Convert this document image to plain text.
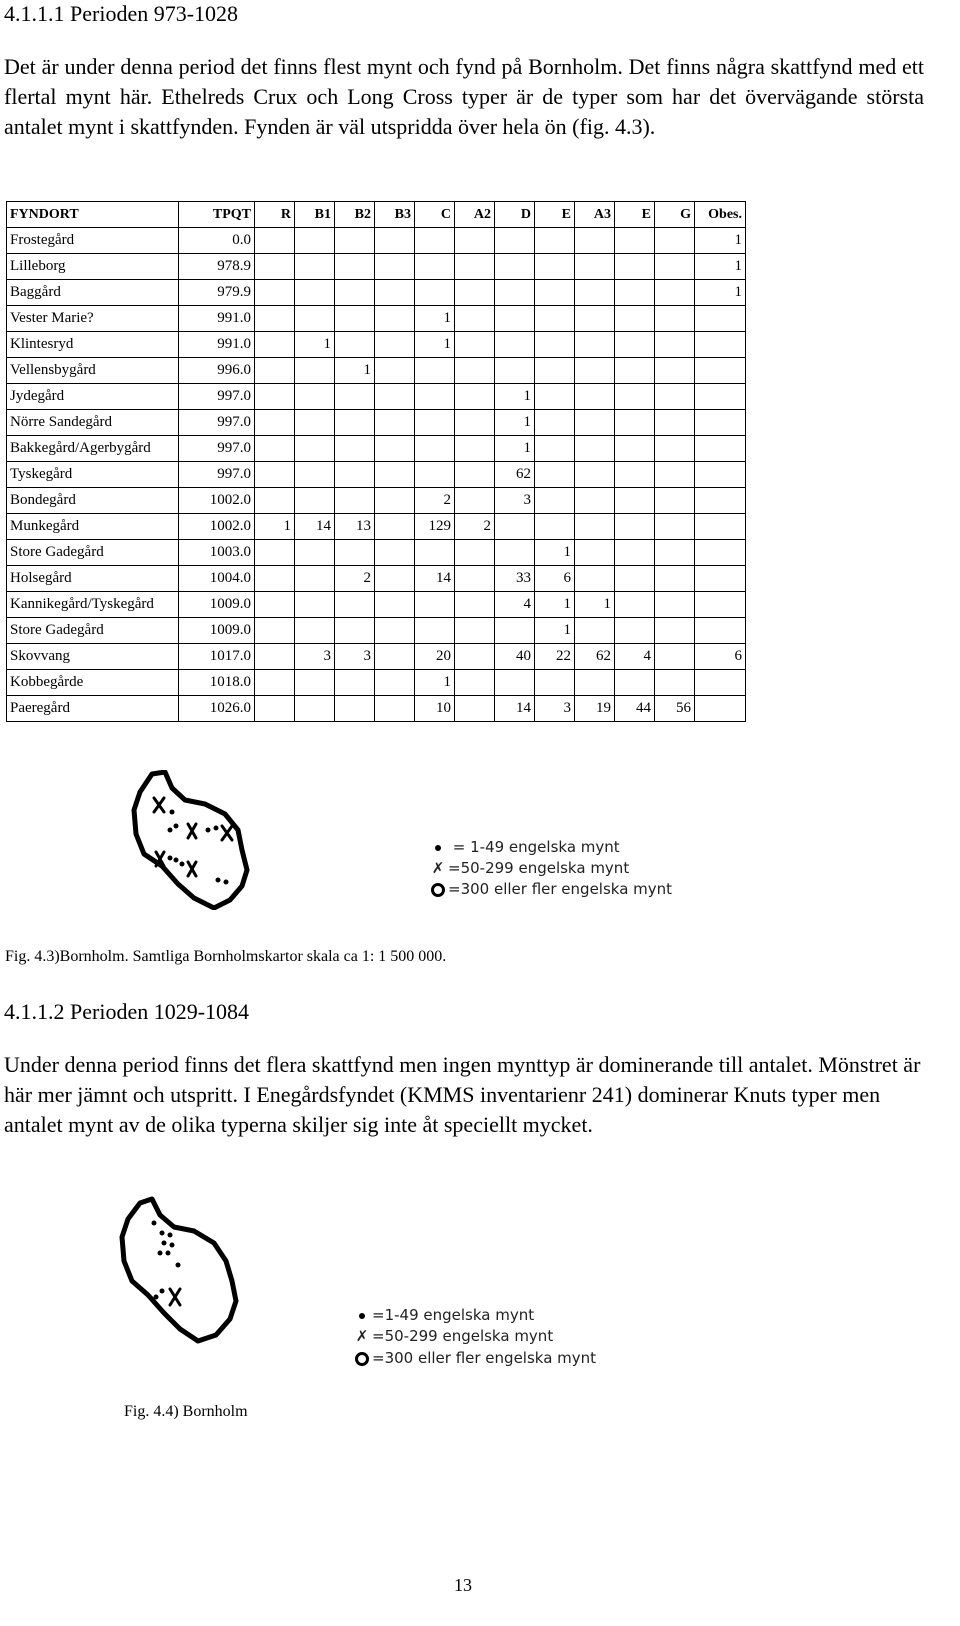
4.1.1.1 Perioden 973-1028
Det är under denna period det finns flest mynt och fynd på Bornholm. Det finns några skattfynd med ett flertal mynt här. Ethelreds Crux och Long Cross typer är de typer som har det övervägande största antalet mynt i skattfynden. Fynden är väl utspridda över hela ön (fig. 4.3).
FYNDORT	TPQT	R	B1	B2	B3	C	A2	D	E	A3	E	G	Obes.
Frostegård	0.0												1
Lilleborg	978.9												1
Baggård	979.9												1
Vester Marie?	991.0					1							
Klintesryd	991.0		1			1							
Vellensbygård	996.0			1									
Jydegård	997.0							1					
Nörre Sandegård	997.0							1					
Bakkegård/Agerbygård	997.0							1					
Tyskegård	997.0							62					
Bondegård	1002.0					2		3					
Munkegård	1002.0	1	14	13		129	2						
Store Gadegård	1003.0								1				
Holsegård	1004.0			2		14		33	6				
Kannikegård/Tyskegård	1009.0							4	1	1			
Store Gadegård	1009.0								1				
Skovvang	1017.0		3	3		20		40	22	62	4		6
Kobbegårde	1018.0					1							
Paeregård	1026.0					10		14	3	19	44	56	
= 1-49 engelska mynt
✗ =50-299 engelska mynt
=300 eller fler engelska mynt
Fig. 4.3)Bornholm. Samtliga Bornholmskartor skala ca 1: 1 500 000.
4.1.1.2 Perioden 1029-1084
Under denna period finns det flera skattfynd men ingen mynttyp är dominerande till antalet. Mönstret är här mer jämnt och utspritt. I Enegårdsfyndet (KMMS inventarienr 241) dominerar Knuts typer men antalet mynt av de olika typerna skiljer sig inte åt speciellt mycket.
=1-49 engelska mynt
✗ =50-299 engelska mynt
=300 eller fler engelska mynt
Fig. 4.4) Bornholm
13
